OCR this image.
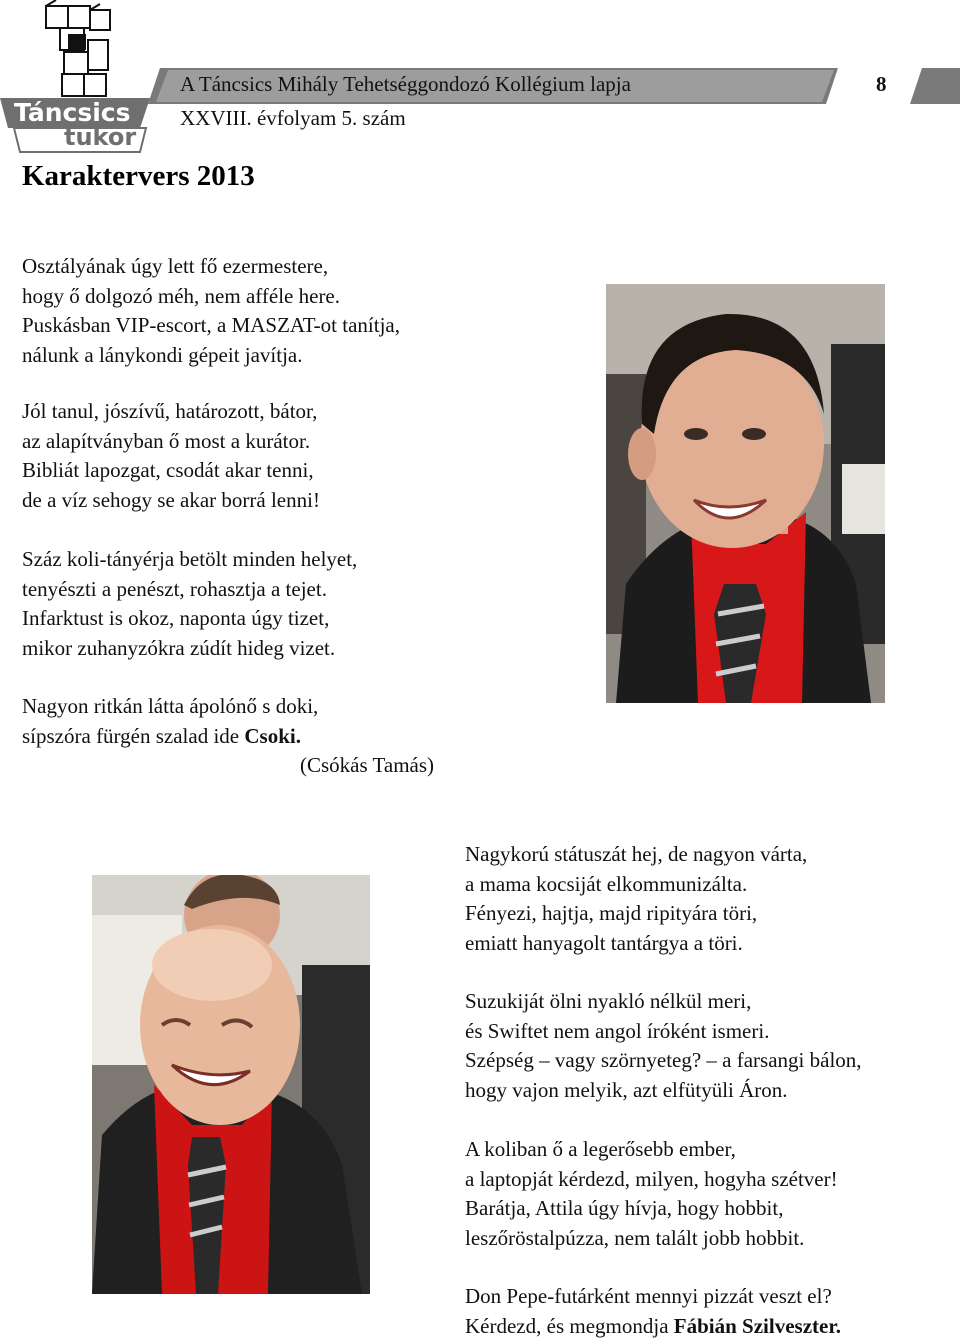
Táncsics
tükör
A Táncsics Mihály Tehetséggondozó Kollégium lapja	8
XXVIII. évfolyam 5. szám
Karaktervers 2013
Osztályának úgy lett fő ezermestere,
hogy ő dolgozó méh, nem afféle here.
Puskásban VIP-escort, a MASZAT-ot tanítja,
nálunk a lánykondi gépeit javítja.
Jól tanul, jószívű, határozott, bátor,
az alapítványban ő most a kurátor.
Bibliát lapozgat, csodát akar tenni,
de a víz sehogy se akar borrá lenni!
Száz koli-tányérja betölt minden helyet,
tenyészti a penészt, rohasztja a tejet.
Infarktust is okoz, naponta úgy tizet,
mikor zuhanyzókra zúdít hideg vizet.
Nagyon ritkán látta ápolónő s doki,
sípszóra fürgén szalad ide Csoki.
(Csókás Tamás)
Nagykorú státuszát hej, de nagyon várta,
a mama kocsiját elkommunizálta.
Fényezi, hajtja, majd ripityára töri,
emiatt hanyagolt tantárgya a töri.
Suzukiját ölni nyakló nélkül meri,
és Swiftet nem angol íróként ismeri.
Szépség – vagy szörnyeteg? – a farsangi bálon,
hogy vajon melyik, azt elfütyüli Áron.
A koliban ő a legerősebb ember,
a laptopját kérdezd, milyen, hogyha szétver!
Barátja, Attila úgy hívja, hogy hobbit,
leszőröstalpúzza, nem talált jobb hobbit.
Don Pepe-futárként mennyi pizzát veszt el?
Kérdezd, és megmondja Fábián Szilveszter.
